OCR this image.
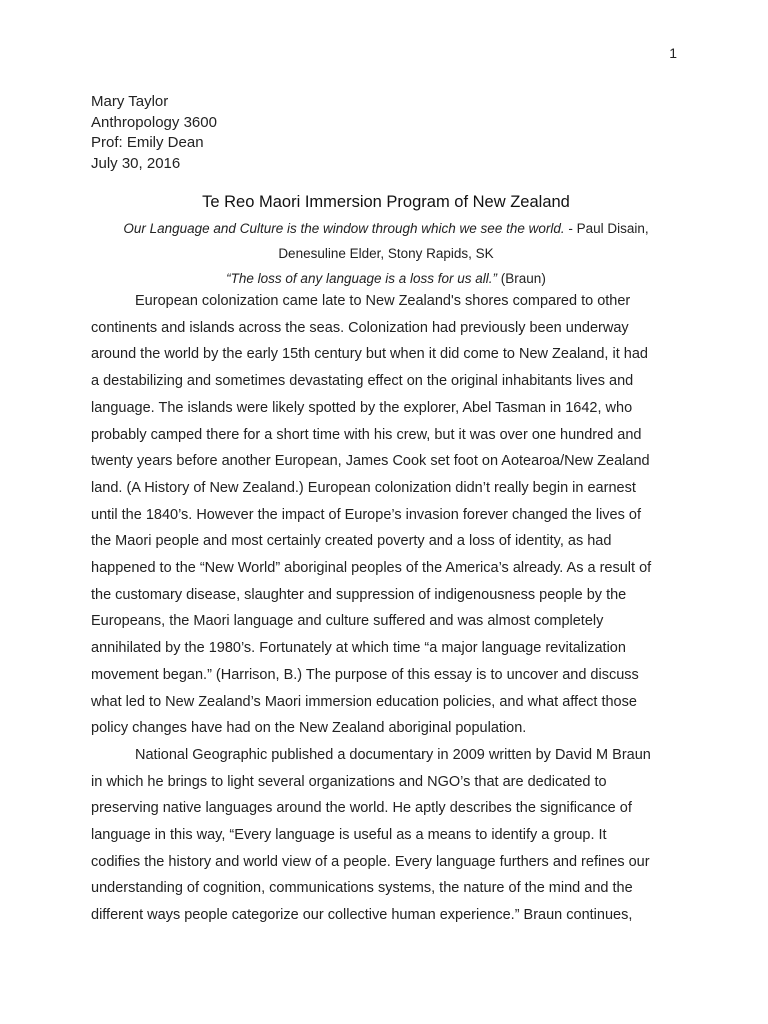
1
Mary Taylor
Anthropology 3600
Prof: Emily Dean
July 30, 2016
Te Reo Maori Immersion Program of New Zealand
Our Language and Culture is the window through which we see the world. - Paul Disain,
Denesuline Elder, Stony Rapids, SK
“The loss of any language is a loss for us all.” (Braun)
European colonization came late to New Zealand's shores compared to other
continents and islands across the seas. Colonization had previously been underway
around the world by the early 15th century but when it did come to New Zealand, it had
a destabilizing and sometimes devastating effect on the original inhabitants lives and
language. The islands were likely spotted by the explorer, Abel Tasman in 1642, who
probably camped there for a short time with his crew, but it was over one hundred and
twenty years before another European, James Cook set foot on Aotearoa/New Zealand
land. (A History of New Zealand.) European colonization didn’t really begin in earnest
until the 1840’s. However the impact of Europe’s invasion forever changed the lives of
the Maori people and most certainly created poverty and a loss of identity, as had
happened to the “New World” aboriginal peoples of the America’s already. As a result of
the customary disease, slaughter and suppression of indigenousness people by the
Europeans, the Maori language and culture suffered and was almost completely
annihilated by the 1980’s. Fortunately at which time “a major language revitalization
movement began.” (Harrison, B.) The purpose of this essay is to uncover and discuss
what led to New Zealand’s Maori immersion education policies, and what affect those
policy changes have had on the New Zealand aboriginal population.
National Geographic published a documentary in 2009 written by David M Braun
in which he brings to light several organizations and NGO’s that are dedicated to
preserving native languages around the world. He aptly describes the significance of
language in this way, “Every language is useful as a means to identify a group. It
codifies the history and world view of a people. Every language furthers and refines our
understanding of cognition, communications systems, the nature of the mind and the
different ways people categorize our collective human experience.” Braun continues,
